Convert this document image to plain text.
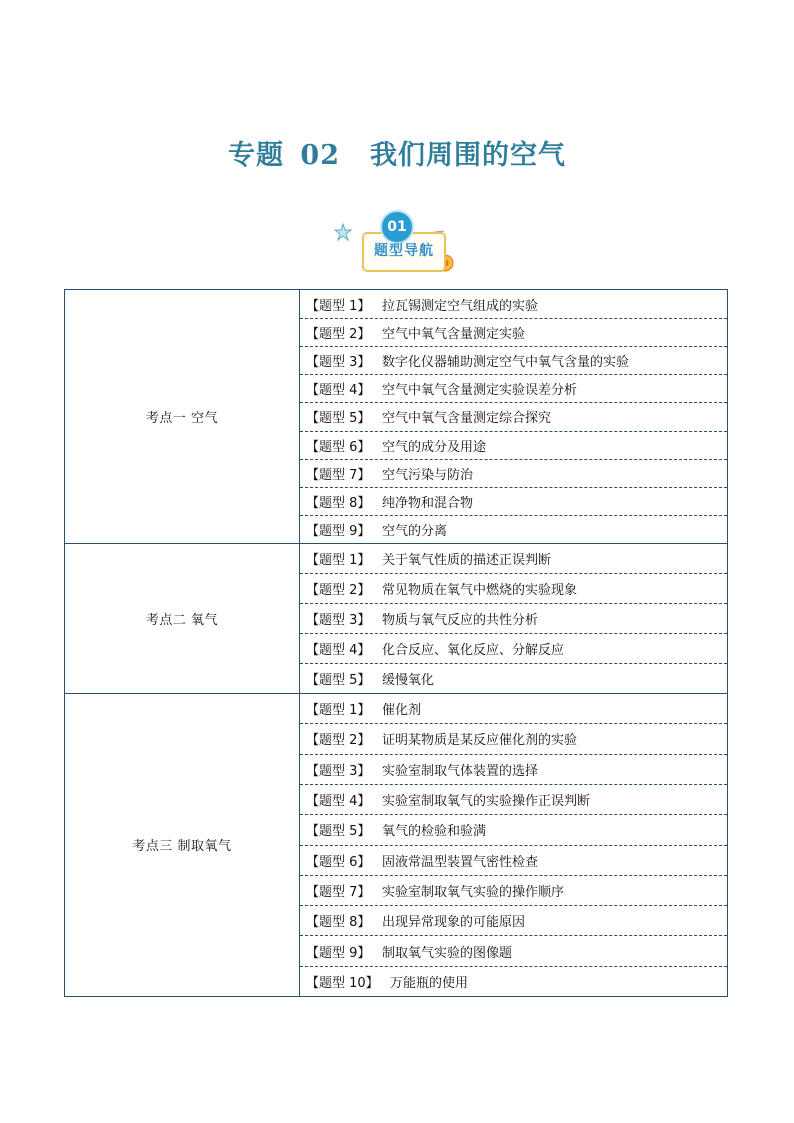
专题 02 我们周围的空气
01
题型导航
考点一 空气
【题型 1】 拉瓦锡测定空气组成的实验
【题型 2】 空气中氧气含量测定实验
【题型 3】 数字化仪器辅助测定空气中氧气含量的实验
【题型 4】 空气中氧气含量测定实验误差分析
【题型 5】 空气中氧气含量测定综合探究
【题型 6】 空气的成分及用途
【题型 7】 空气污染与防治
【题型 8】 纯净物和混合物
【题型 9】 空气的分离
考点二 氧气
【题型 1】 关于氧气性质的描述正误判断
【题型 2】 常见物质在氧气中燃烧的实验现象
【题型 3】 物质与氧气反应的共性分析
【题型 4】 化合反应、氧化反应、分解反应
【题型 5】 缓慢氧化
考点三 制取氧气
【题型 1】 催化剂
【题型 2】 证明某物质是某反应催化剂的实验
【题型 3】 实验室制取气体装置的选择
【题型 4】 实验室制取氧气的实验操作正误判断
【题型 5】 氧气的检验和验满
【题型 6】 固液常温型装置气密性检查
【题型 7】 实验室制取氧气实验的操作顺序
【题型 8】 出现异常现象的可能原因
【题型 9】 制取氧气实验的图像题
【题型 10】 万能瓶的使用
